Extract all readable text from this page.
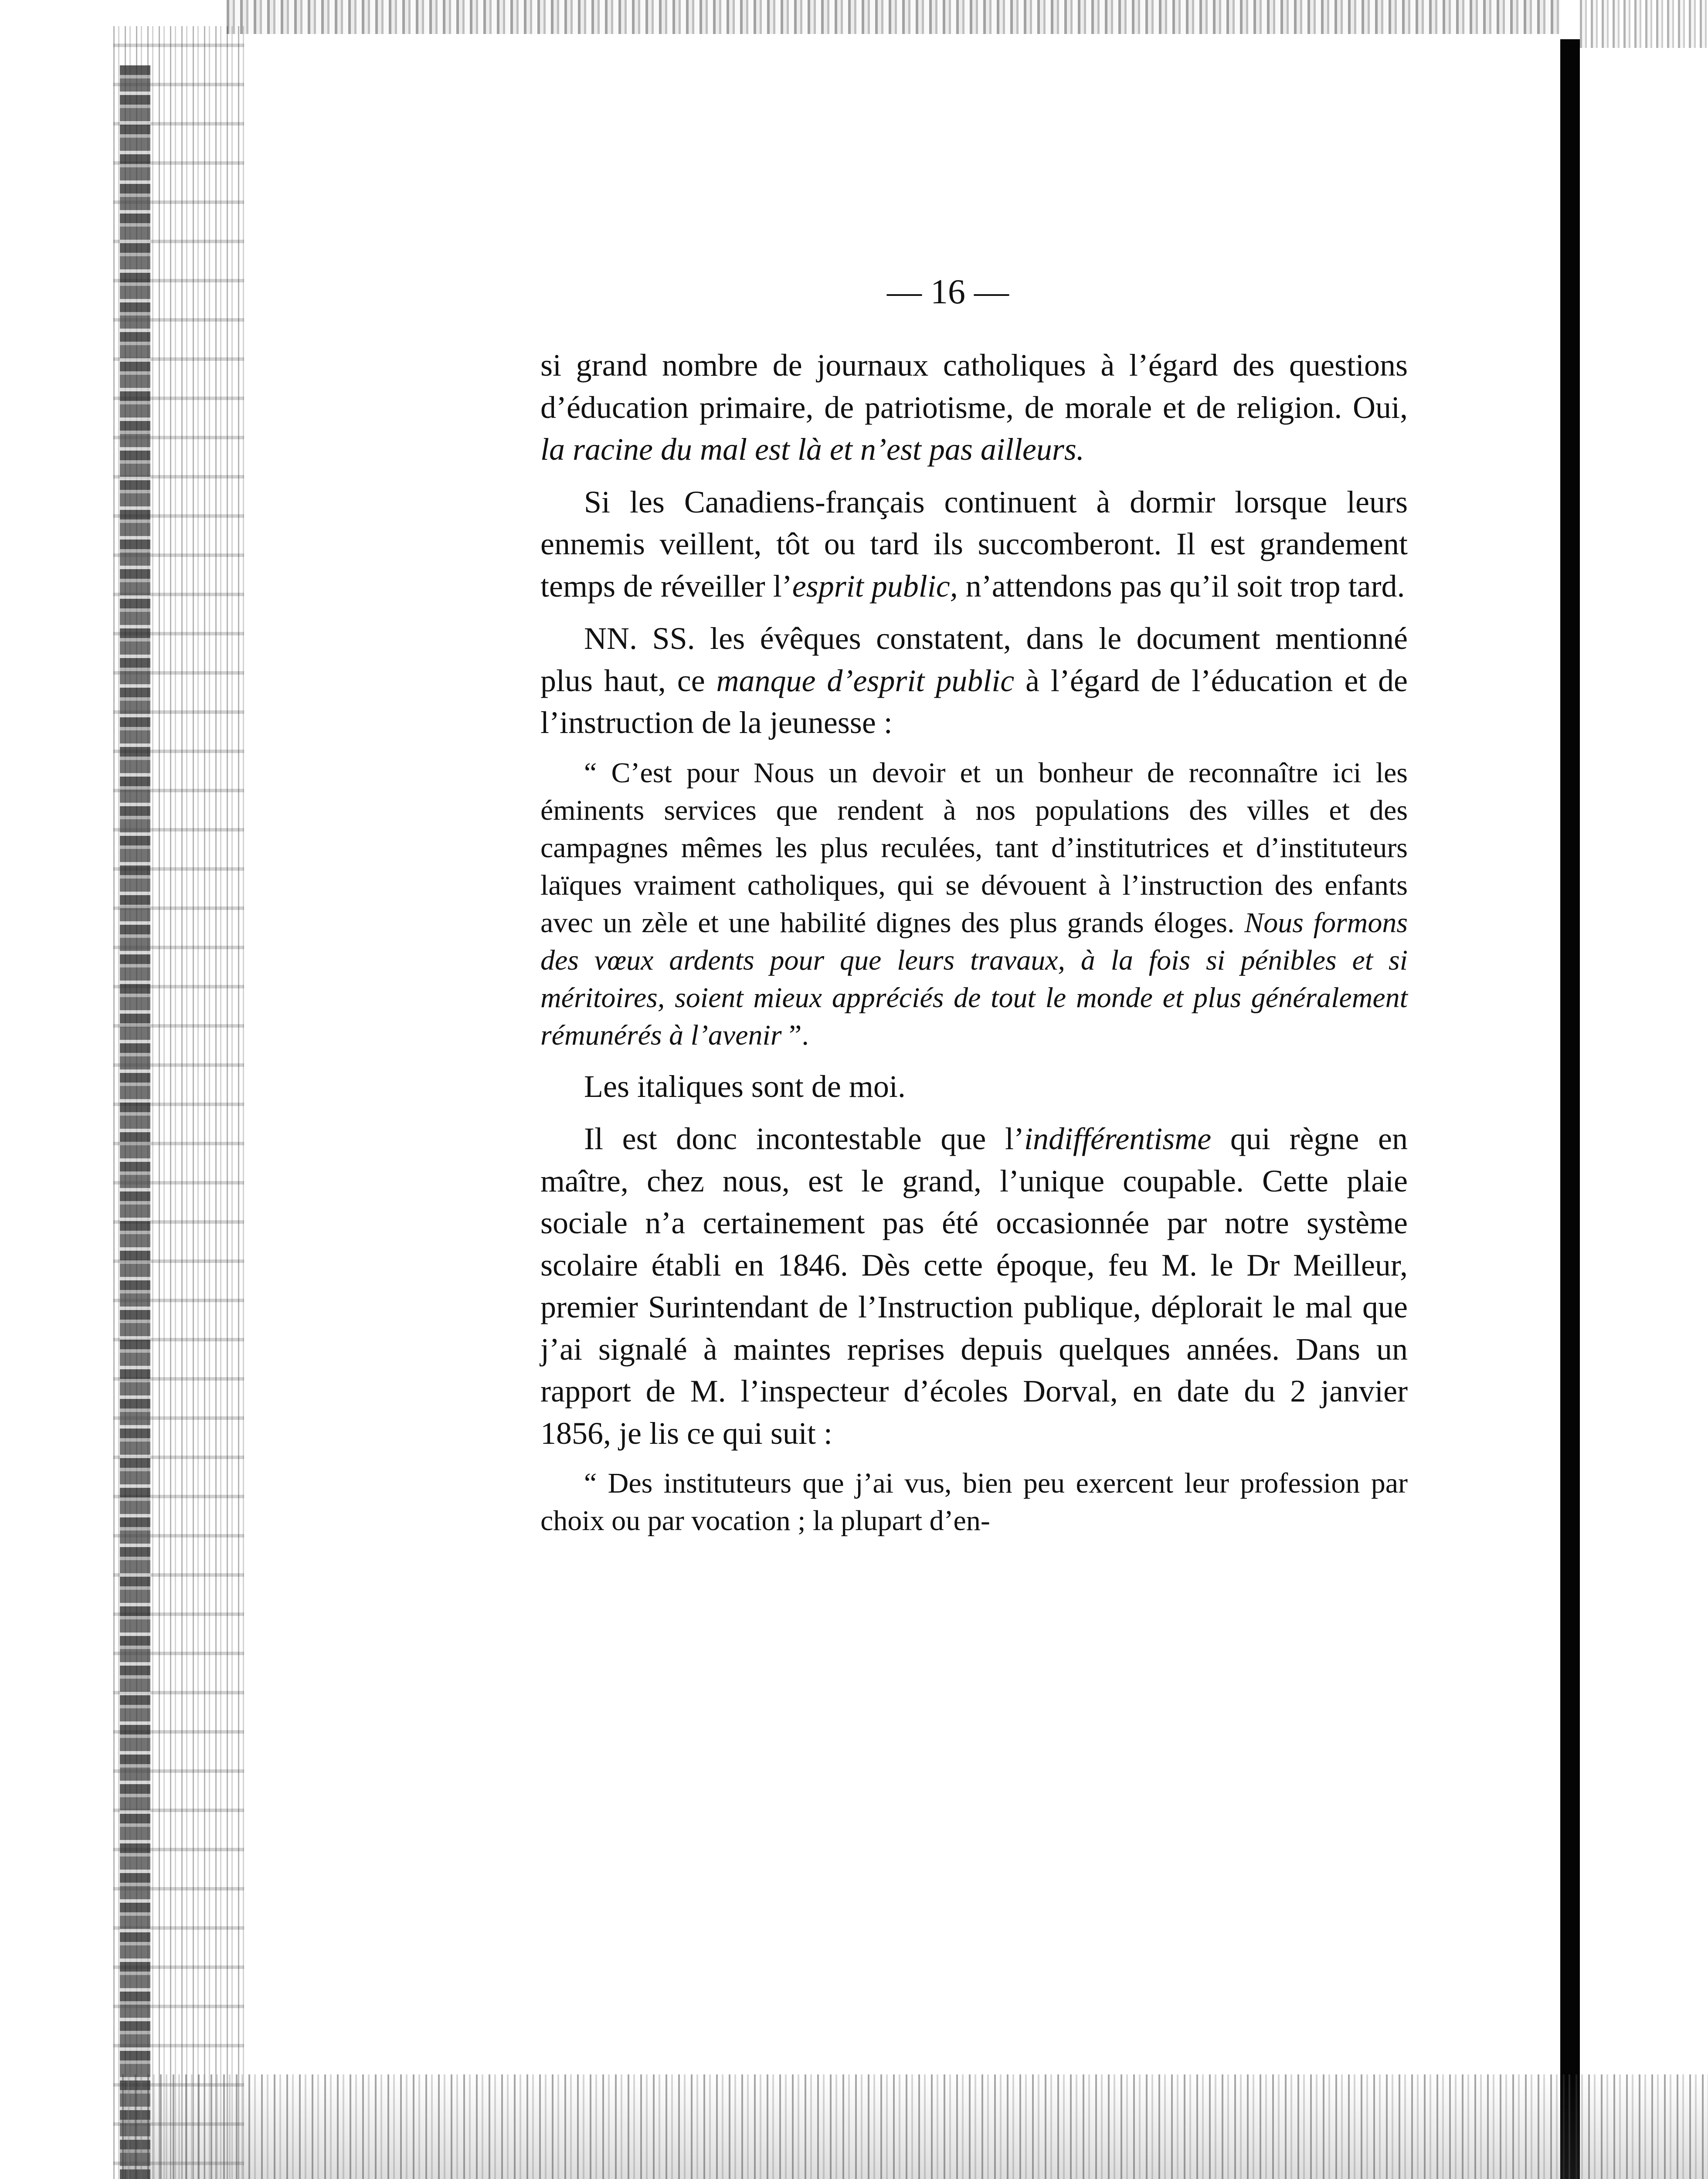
— 16 —

si grand nombre de journaux catholiques à l’égard des questions d’éducation primaire, de patriotisme, de morale et de religion. Oui, la racine du mal est là et n’est pas ailleurs.

Si les Canadiens-français continuent à dormir lorsque leurs ennemis veillent, tôt ou tard ils succomberont. Il est grandement temps de réveiller l’esprit public, n’attendons pas qu’il soit trop tard.

NN. SS. les évêques constatent, dans le document mentionné plus haut, ce manque d’esprit public à l’égard de l’éducation et de l’instruction de la jeunesse :

“ C’est pour Nous un devoir et un bonheur de reconnaître ici les éminents services que rendent à nos populations des villes et des campagnes mêmes les plus reculées, tant d’institutrices et d’instituteurs laïques vraiment catholiques, qui se dévouent à l’instruction des enfants avec un zèle et une habilité dignes des plus grands éloges. Nous formons des vœux ardents pour que leurs travaux, à la fois si pénibles et si méritoires, soient mieux appréciés de tout le monde et plus généralement rémunérés à l’avenir ”.

Les italiques sont de moi.

Il est donc incontestable que l’indifférentisme qui règne en maître, chez nous, est le grand, l’unique coupable. Cette plaie sociale n’a certainement pas été occasionnée par notre système scolaire établi en 1846. Dès cette époque, feu M. le Dr Meilleur, premier Surintendant de l’Instruction publique, déplorait le mal que j’ai signalé à maintes reprises depuis quelques années. Dans un rapport de M. l’inspecteur d’écoles Dorval, en date du 2 janvier 1856, je lis ce qui suit :

“ Des instituteurs que j’ai vus, bien peu exercent leur profession par choix ou par vocation ; la plupart d’en-
